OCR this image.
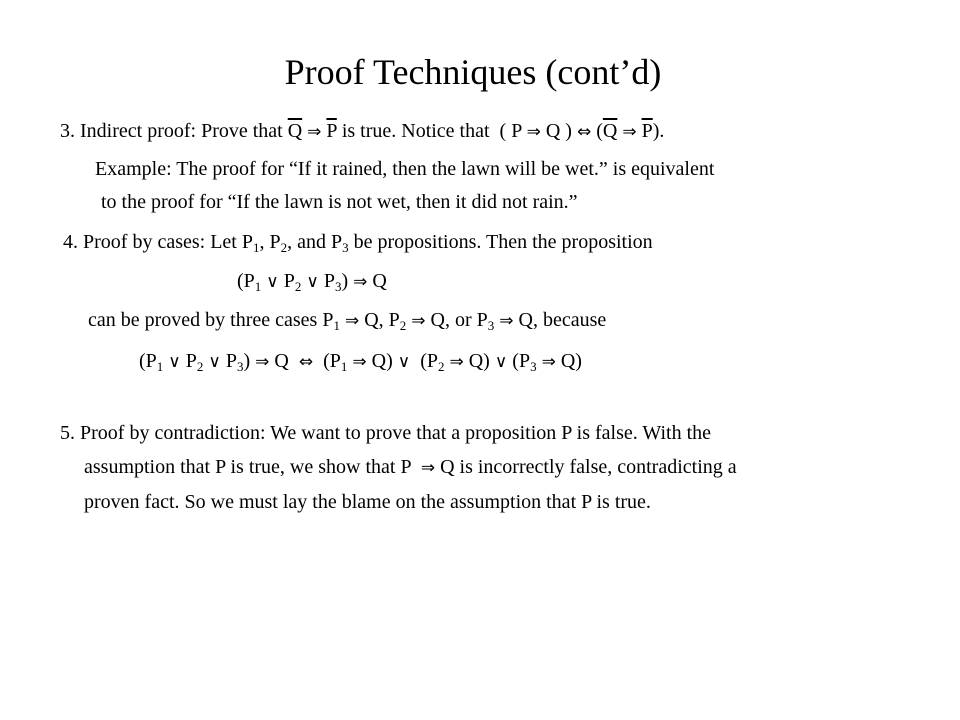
Proof Techniques (cont’d)
3. Indirect proof: Prove that $\overline{Q}$ ⇒ $\overline{P}$ is true. Notice that ( P ⇒ Q ) ⇔ ($\overline{Q}$ ⇒ $\overline{P}$).
Example: The proof for “If it rained, then the lawn will be wet.” is equivalent
to the proof for “If the lawn is not wet, then it did not rain.”
4. Proof by cases: Let $P_1$, $P_2$, and $P_3$ be propositions. Then the proposition
($P_1$ ∨ $P_2$ ∨ $P_3$) ⇒ Q
can be proved by three cases $P_1$ ⇒ Q, $P_2$ ⇒ Q, or $P_3$ ⇒ Q, because
($P_1$ ∨ $P_2$ ∨ $P_3$) ⇒ Q ⇔ ($P_1$ ⇒ Q) ∨ ($P_2$ ⇒ Q) ∨ ($P_3$ ⇒ Q)
5. Proof by contradiction: We want to prove that a proposition P is false. With the
assumption that P is true, we show that P ⇒ Q is incorrectly false, contradicting a
proven fact. So we must lay the blame on the assumption that P is true.
